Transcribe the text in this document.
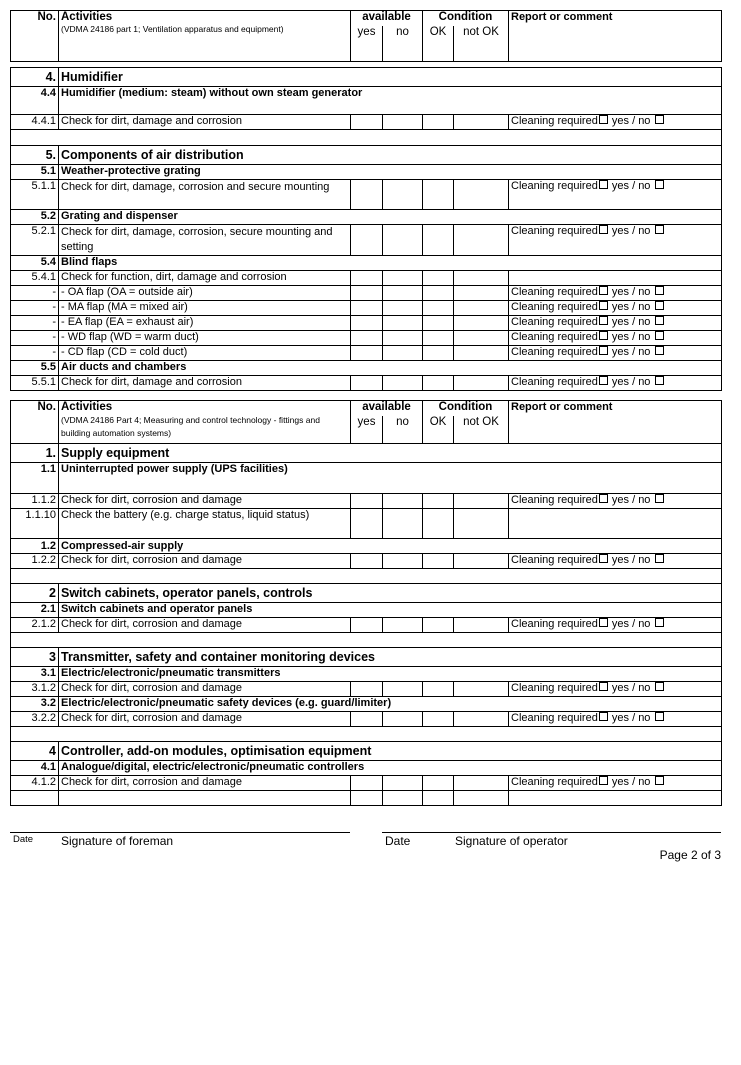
No.	Activities
(VDMA 24186 part 1; Ventilation apparatus and equipment)	available		Condition		Report or comment
		yes	no	OK	not OK	

4.	Humidifier					
4.4	Humidifier (medium: steam) without own steam generator					
4.4.1	Check for dirt, damage and corrosion					Cleaning required yes / no

5.	Components of air distribution					
5.1	Weather-protective grating					
5.1.1	Check for dirt, damage, corrosion and secure mounting					Cleaning required yes / no
5.2	Grating and dispenser					
5.2.1	Check for dirt, damage, corrosion, secure mounting and setting					Cleaning required yes / no
5.4	Blind flaps					
5.4.1	Check for function, dirt, damage and corrosion					
-	- OA flap (OA = outside air)					Cleaning required yes / no
-	- MA flap (MA = mixed air)					Cleaning required yes / no
-	- EA flap (EA = exhaust air)					Cleaning required yes / no
-	- WD flap (WD = warm duct)					Cleaning required yes / no
-	- CD flap (CD = cold duct)					Cleaning required yes / no
5.5	Air ducts and chambers					
5.5.1	Check for dirt, damage and corrosion					Cleaning required yes / no
No.	Activities
(VDMA 24186 Part 4; Measuring and control technology - fittings and building automation systems)	available		Condition		Report or comment
		yes	no	OK	not OK	
1.	Supply equipment					
1.1	Uninterrupted power supply (UPS facilities)					
1.1.2	Check for dirt, corrosion and damage					Cleaning required yes / no
1.1.10	Check the battery (e.g. charge status, liquid status)					
1.2	Compressed-air supply					
1.2.2	Check for dirt, corrosion and damage					Cleaning required yes / no

2	Switch cabinets, operator panels, controls					
2.1	Switch cabinets and operator panels					
2.1.2	Check for dirt, corrosion and damage					Cleaning required yes / no

3	Transmitter, safety and container monitoring devices					
3.1	Electric/electronic/pneumatic transmitters					
3.1.2	Check for dirt, corrosion and damage					Cleaning required yes / no
3.2	Electric/electronic/pneumatic safety devices (e.g. guard/limiter)					
3.2.2	Check for dirt, corrosion and damage					Cleaning required yes / no

4	Controller, add-on modules, optimisation equipment					
4.1	Analogue/digital, electric/electronic/pneumatic controllers					
4.1.2	Check for dirt, corrosion and damage					Cleaning required yes / no

Date Signature of foreman	Date	Signature of operator
Page 2 of 3
